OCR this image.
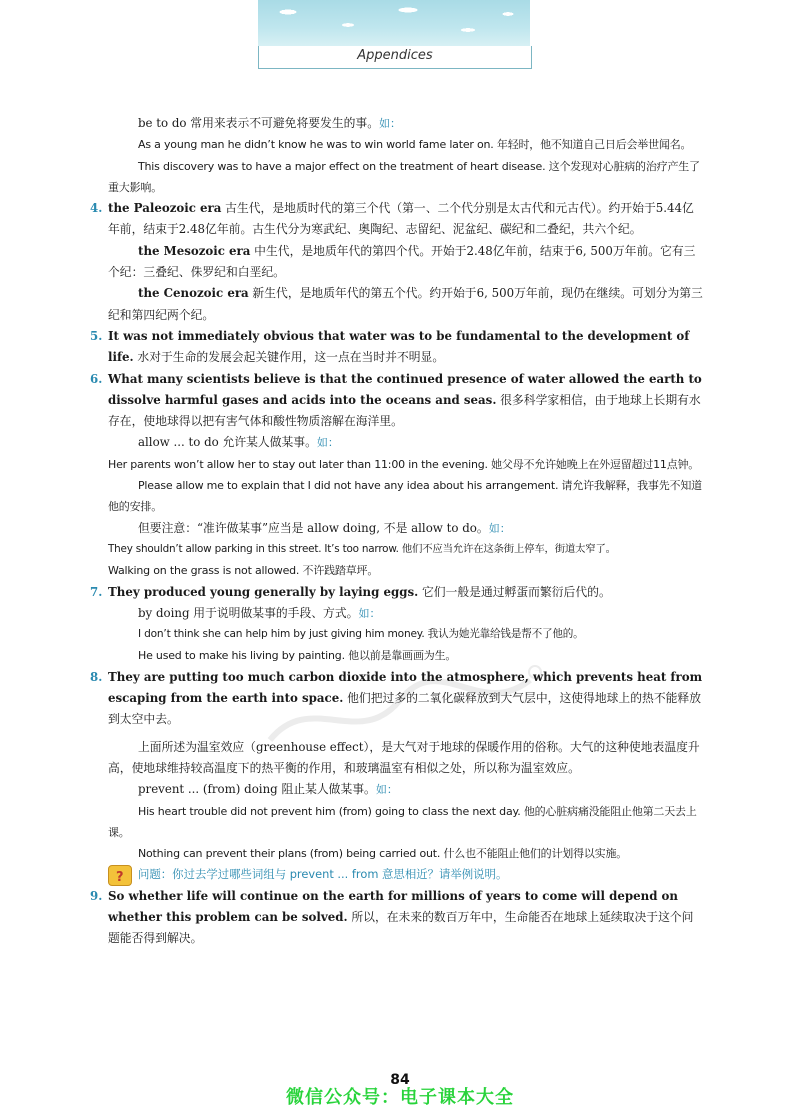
Appendices

be to do 常用来表示不可避免将要发生的事。如：

As a young man he didn’t know he was to win world fame later on. 年轻时，他不知道自己日后会举世闻名。

This discovery was to have a major effect on the treatment of heart disease. 这个发现对心脏病的治疗产生了重大影响。

4. the Paleozoic era 古生代，是地质时代的第三个代（第一、二个代分别是太古代和元古代）。约开始于5.44亿年前，结束于2.48亿年前。古生代分为寒武纪、奥陶纪、志留纪、泥盆纪、碳纪和二叠纪，共六个纪。

the Mesozoic era 中生代，是地质年代的第四个代。开始于2.48亿年前，结束于6, 500万年前。它有三个纪：三叠纪、侏罗纪和白垩纪。

the Cenozoic era 新生代，是地质年代的第五个代。约开始于6, 500万年前，现仍在继续。可划分为第三纪和第四纪两个纪。

5. It was not immediately obvious that water was to be fundamental to the development of life. 水对于生命的发展会起关键作用，这一点在当时并不明显。

6. What many scientists believe is that the continued presence of water allowed the earth to dissolve harmful gases and acids into the oceans and seas. 很多科学家相信，由于地球上长期有水存在，使地球得以把有害气体和酸性物质溶解在海洋里。

allow ... to do 允许某人做某事。如：

Her parents won’t allow her to stay out later than 11:00 in the evening. 她父母不允许她晚上在外逗留超过11点钟。

Please allow me to explain that I did not have any idea about his arrangement. 请允许我解释，我事先不知道他的安排。

但要注意：“准许做某事”应当是 allow doing, 不是 allow to do。如：

They shouldn’t allow parking in this street. It’s too narrow. 他们不应当允许在这条街上停车，街道太窄了。

Walking on the grass is not allowed. 不许践踏草坪。

7. They produced young generally by laying eggs. 它们一般是通过孵蛋而繁衍后代的。

by doing 用于说明做某事的手段、方式。如：

I don’t think she can help him by just giving him money. 我认为她光靠给钱是帮不了他的。

He used to make his living by painting. 他以前是靠画画为生。

8. They are putting too much carbon dioxide into the atmosphere, which prevents heat from escaping from the earth into space. 他们把过多的二氧化碳释放到大气层中，这使得地球上的热不能释放到太空中去。

上面所述为温室效应（greenhouse effect），是大气对于地球的保暖作用的俗称。大气的这种使地表温度升高，使地球维持较高温度下的热平衡的作用，和玻璃温室有相似之处，所以称为温室效应。

prevent ... (from) doing 阻止某人做某事。如：

His heart trouble did not prevent him (from) going to class the next day. 他的心脏病痛没能阻止他第二天去上课。

Nothing can prevent their plans (from) being carried out. 什么也不能阻止他们的计划得以实施。

? 问题：你过去学过哪些词组与 prevent ... from 意思相近？请举例说明。
9. So whether life will continue on the earth for millions of years to come will depend on whether this problem can be solved. 所以，在未来的数百万年中，生命能否在地球上延续取决于这个问题能否得到解决。

84
微信公众号：电子课本大全
